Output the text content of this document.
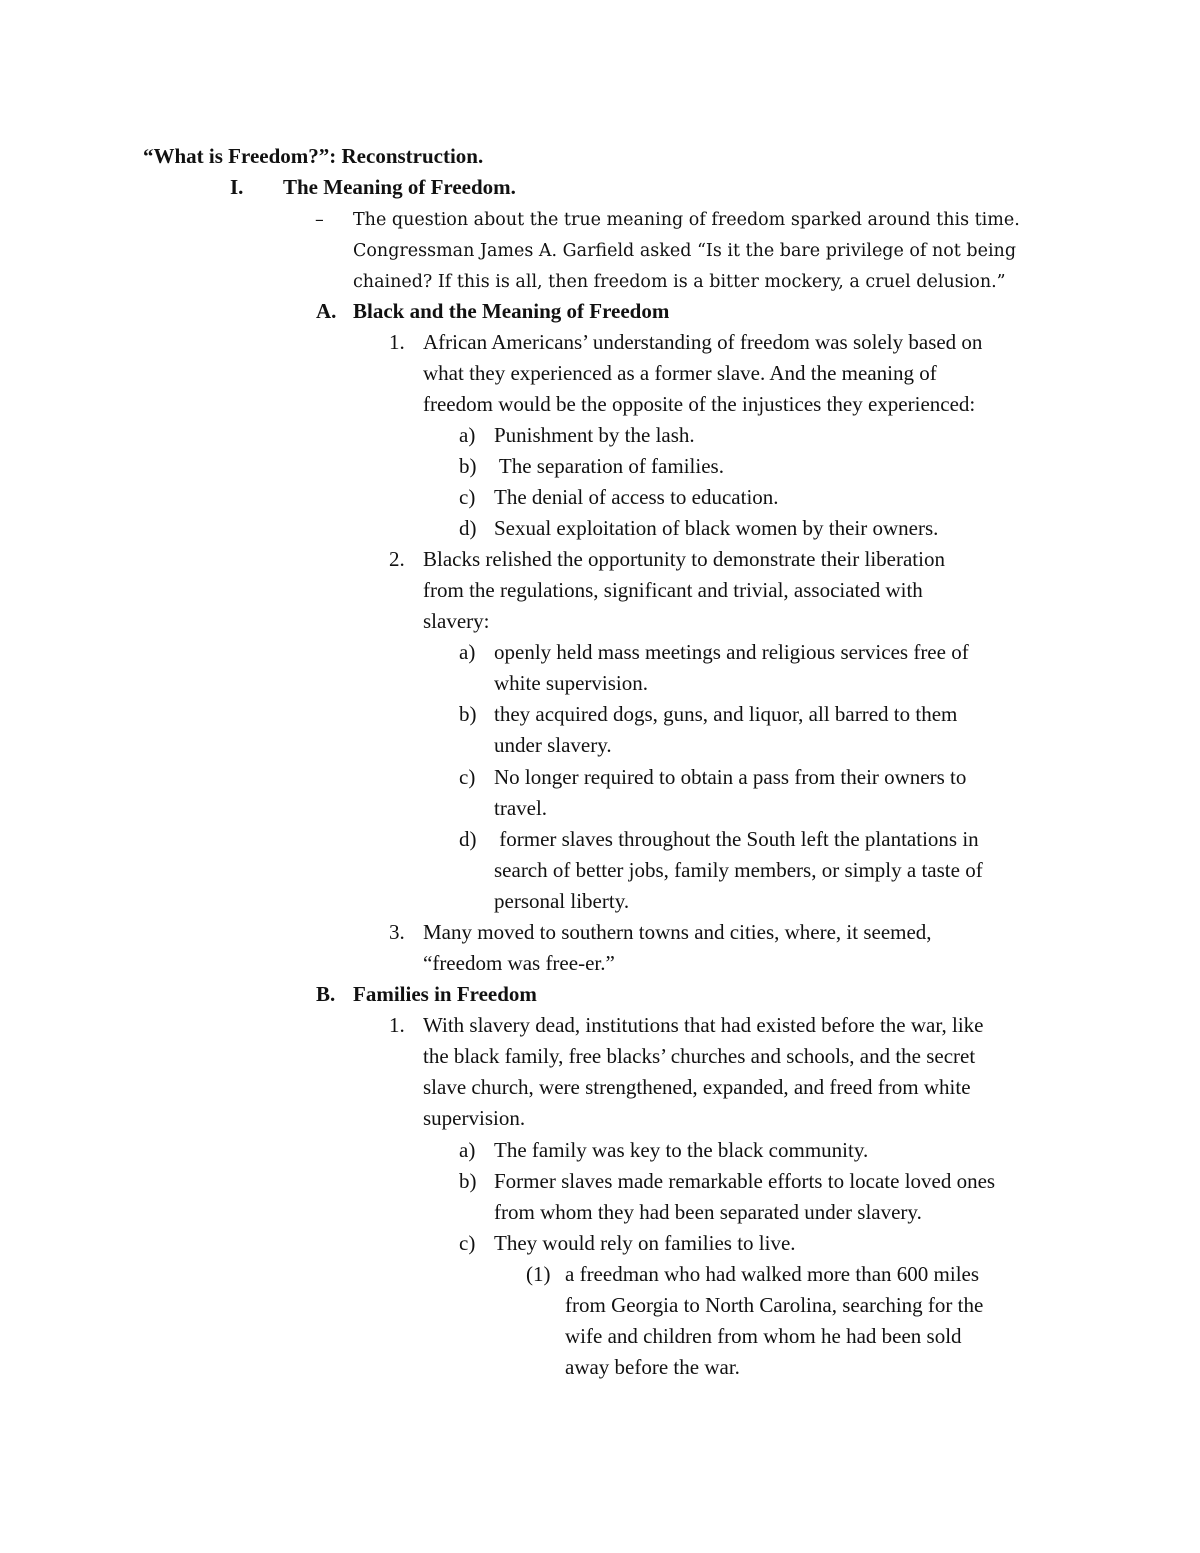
“What is Freedom?”: Reconstruction.
I. The Meaning of Freedom.
– The question about the true meaning of freedom sparked around this time.
Congressman James A. Garfield asked “Is it the bare privilege of not being
chained? If this is all, then freedom is a bitter mockery, a cruel delusion.”
A. Black and the Meaning of Freedom
1. African Americans’ understanding of freedom was solely based on
what they experienced as a former slave. And the meaning of
freedom would be the opposite of the injustices they experienced:
a) Punishment by the lash.
b) The separation of families.
c) The denial of access to education.
d) Sexual exploitation of black women by their owners.
2. Blacks relished the opportunity to demonstrate their liberation
from the regulations, significant and trivial, associated with
slavery:
a) openly held mass meetings and religious services free of
white supervision.
b) they acquired dogs, guns, and liquor, all barred to them
under slavery.
c) No longer required to obtain a pass from their owners to
travel.
d) former slaves throughout the South left the plantations in
search of better jobs, family members, or simply a taste of
personal liberty.
3. Many moved to southern towns and cities, where, it seemed,
“freedom was free-er.”
B. Families in Freedom
1. With slavery dead, institutions that had existed before the war, like
the black family, free blacks’ churches and schools, and the secret
slave church, were strengthened, expanded, and freed from white
supervision.
a) The family was key to the black community.
b) Former slaves made remarkable efforts to locate loved ones
from whom they had been separated under slavery.
c) They would rely on families to live.
(1) a freedman who had walked more than 600 miles
from Georgia to North Carolina, searching for the
wife and children from whom he had been sold
away before the war.
